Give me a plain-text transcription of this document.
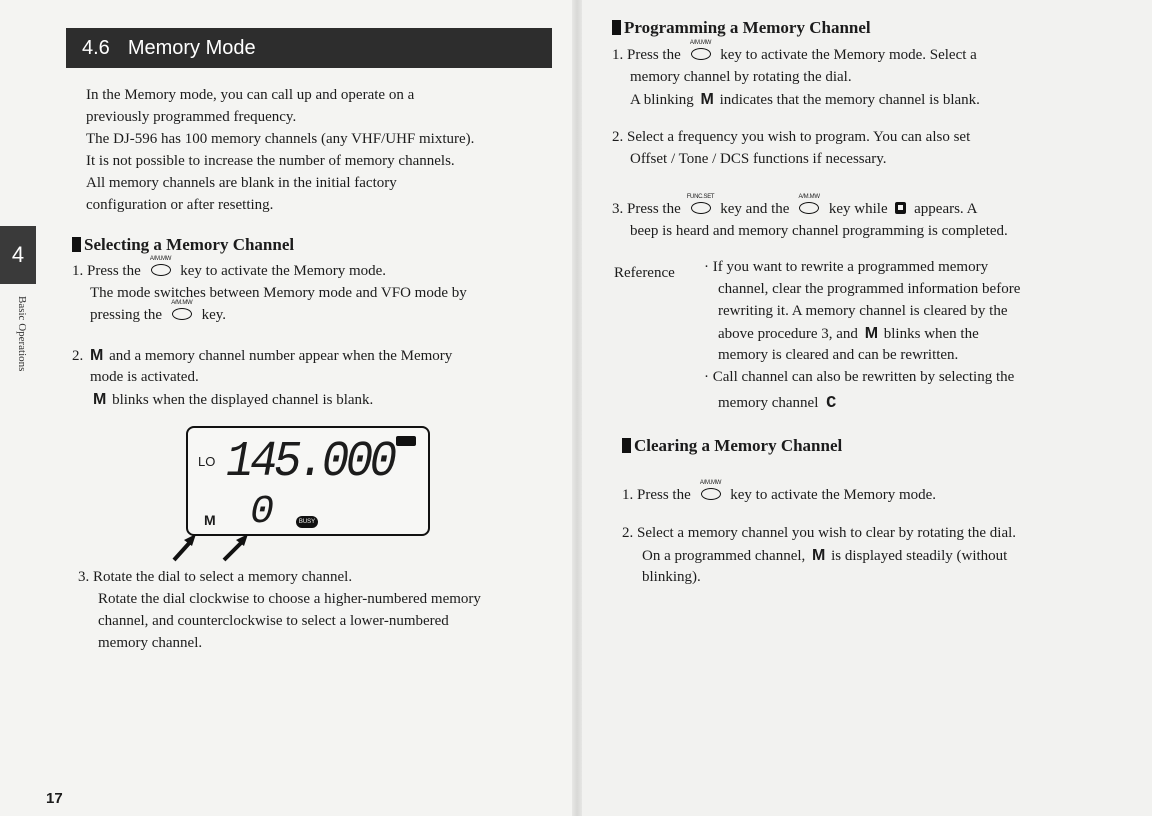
4.6 Memory Mode
4
Basic Operations
In the Memory mode, you can call up and operate on a
previously programmed frequency.
The DJ-596 has 100 memory channels (any VHF/UHF mixture).
It is not possible to increase the number of memory channels.
All memory channels are blank in the initial factory
configuration or after resetting.
Selecting a Memory Channel
1. Press the
A/M.MW
key to activate the Memory mode.
The mode switches between Memory mode and VFO mode by
pressing the
A/M.MW
key.
2. M and a memory channel number appear when the Memory
mode is activated.
M blinks when the displayed channel is blank.
LO 145.000
0
M	BUSY
3. Rotate the dial to select a memory channel.
Rotate the dial clockwise to choose a higher-numbered memory
channel, and counterclockwise to select a lower-numbered
memory channel.
17
Programming a Memory Channel
1. Press the
A/M.MW
key to activate the Memory mode. Select a
memory channel by rotating the dial.
A blinking M indicates that the memory channel is blank.
2. Select a frequency you wish to program. You can also set
Offset / Tone / DCS functions if necessary.
3. Press the
FUNC.SET
key and the
A/M.MW
key while appears. A
beep is heard and memory channel programming is completed.
Reference · If you want to rewrite a programmed memory
channel, clear the programmed information before
rewriting it. A memory channel is cleared by the
above procedure 3, and M blinks when the
memory is cleared and can be rewritten.
· Call channel can also be rewritten by selecting the
memory channel C
Clearing a Memory Channel
1. Press the
A/M.MW
key to activate the Memory mode.
2. Select a memory channel you wish to clear by rotating the dial.
On a programmed channel, M is displayed steadily (without
blinking).
